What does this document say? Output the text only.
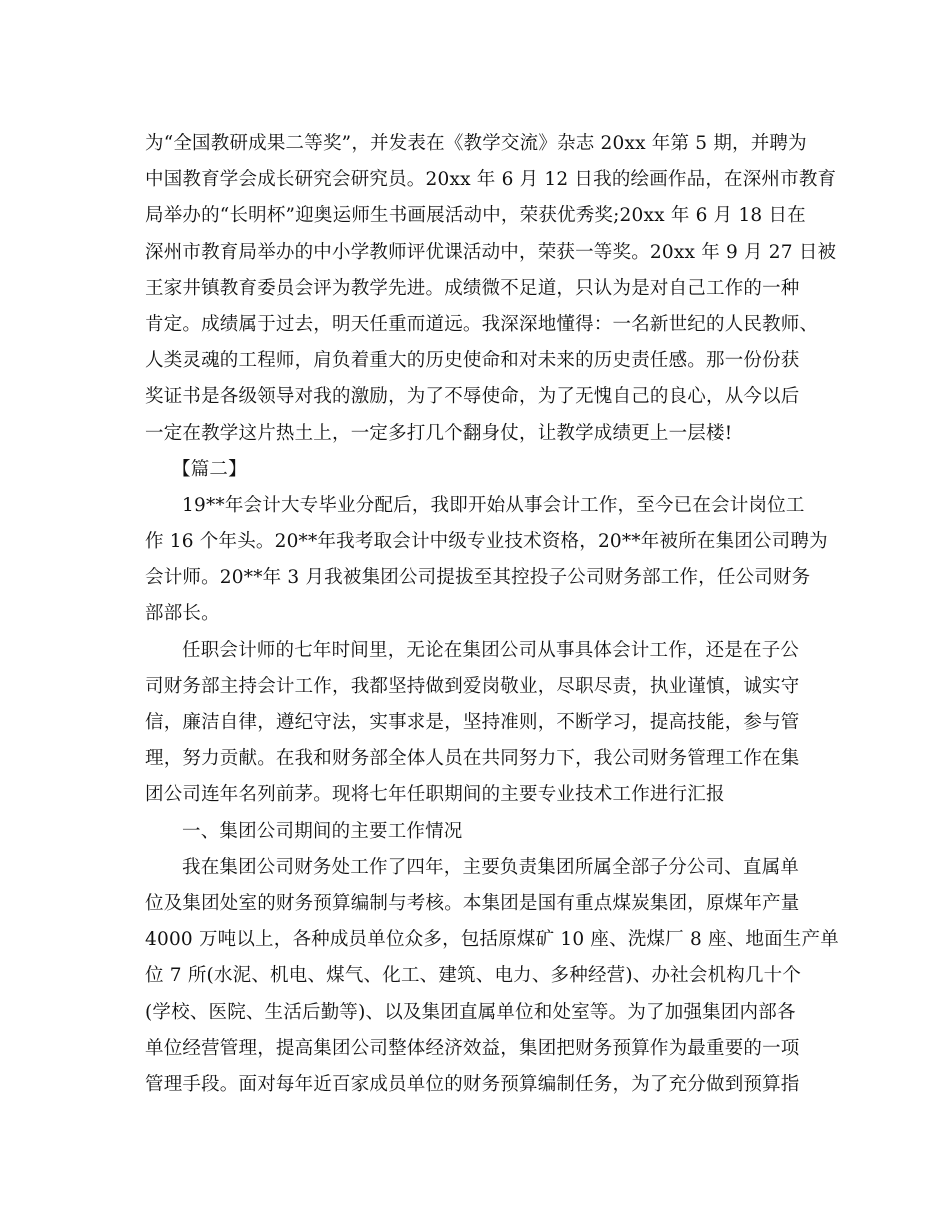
为“全国教研成果二等奖”，并发表在《教学交流》杂志 20xx 年第 5 期，并聘为
中国教育学会成长研究会研究员。20xx 年 6 月 12 日我的绘画作品，在深州市教育
局举办的“长明杯”迎奥运师生书画展活动中，荣获优秀奖;20xx 年 6 月 18 日在
深州市教育局举办的中小学教师评优课活动中，荣获一等奖。20xx 年 9 月 27 日被
王家井镇教育委员会评为教学先进。成绩微不足道，只认为是对自己工作的一种
肯定。成绩属于过去，明天任重而道远。我深深地懂得：一名新世纪的人民教师、
人类灵魂的工程师，肩负着重大的历史使命和对未来的历史责任感。那一份份获
奖证书是各级领导对我的激励，为了不辱使命，为了无愧自己的良心，从今以后
一定在教学这片热土上，一定多打几个翻身仗，让教学成绩更上一层楼!
【篇二】
19**年会计大专毕业分配后，我即开始从事会计工作，至今已在会计岗位工
作 16 个年头。20**年我考取会计中级专业技术资格，20**年被所在集团公司聘为
会计师。20**年 3 月我被集团公司提拔至其控投子公司财务部工作，任公司财务
部部长。
任职会计师的七年时间里，无论在集团公司从事具体会计工作，还是在子公
司财务部主持会计工作，我都坚持做到爱岗敬业，尽职尽责，执业谨慎，诚实守
信，廉洁自律，遵纪守法，实事求是，坚持准则，不断学习，提高技能，参与管
理，努力贡献。在我和财务部全体人员在共同努力下，我公司财务管理工作在集
团公司连年名列前茅。现将七年任职期间的主要专业技术工作进行汇报
一、集团公司期间的主要工作情况
我在集团公司财务处工作了四年，主要负责集团所属全部子分公司、直属单
位及集团处室的财务预算编制与考核。本集团是国有重点煤炭集团，原煤年产量
4000 万吨以上，各种成员单位众多，包括原煤矿 10 座、洗煤厂 8 座、地面生产单
位 7 所(水泥、机电、煤气、化工、建筑、电力、多种经营)、办社会机构几十个
(学校、医院、生活后勤等)、以及集团直属单位和处室等。为了加强集团内部各
单位经营管理，提高集团公司整体经济效益，集团把财务预算作为最重要的一项
管理手段。面对每年近百家成员单位的财务预算编制任务，为了充分做到预算指
